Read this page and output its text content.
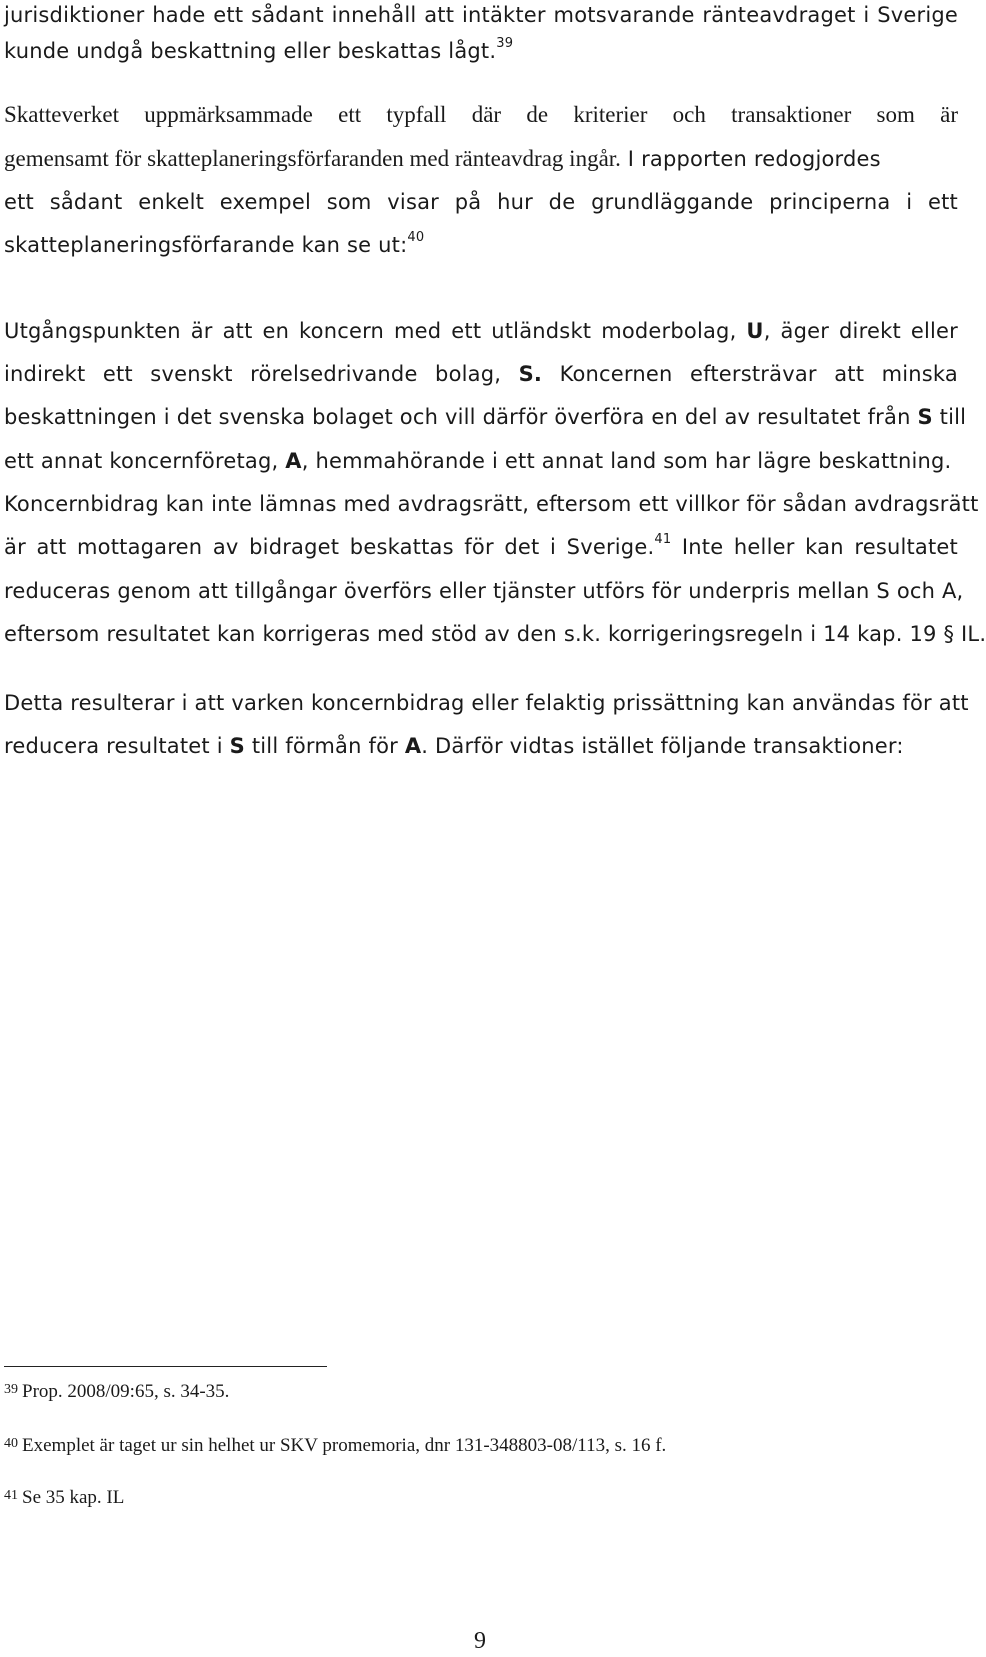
jurisdiktioner hade ett sådant innehåll att intäkter motsvarande ränteavdraget i Sverige
kunde undgå beskattning eller beskattas lågt.$^{39}$
Skatteverket uppmärksammade ett typfall där de kriterier och transaktioner som är
gemensamt för skatteplaneringsförfaranden med ränteavdrag ingår. I rapporten redogjordes
ett sådant enkelt exempel som visar på hur de grundläggande principerna i ett
skatteplaneringsförfarande kan se ut:$^{40}$
Utgångspunkten är att en koncern med ett utländskt moderbolag, U, äger direkt eller
indirekt ett svenskt rörelsedrivande bolag, S. Koncernen eftersträvar att minska
beskattningen i det svenska bolaget och vill därför överföra en del av resultatet från S till
ett annat koncernföretag, A, hemmahörande i ett annat land som har lägre beskattning.
Koncernbidrag kan inte lämnas med avdragsrätt, eftersom ett villkor för sådan avdragsrätt
är att mottagaren av bidraget beskattas för det i Sverige.$^{41}$ Inte heller kan resultatet
reduceras genom att tillgångar överförs eller tjänster utförs för underpris mellan S och A,
eftersom resultatet kan korrigeras med stöd av den s.k. korrigeringsregeln i 14 kap. 19 § IL.
Detta resulterar i att varken koncernbidrag eller felaktig prissättning kan användas för att
reducera resultatet i S till förmån för A. Därför vidtas istället följande transaktioner:
$^{39}$ Prop. 2008/09:65, s. 34-35.
$^{40}$ Exemplet är taget ur sin helhet ur SKV promemoria, dnr 131-348803-08/113, s. 16 f.
$^{41}$ Se 35 kap. IL
9
